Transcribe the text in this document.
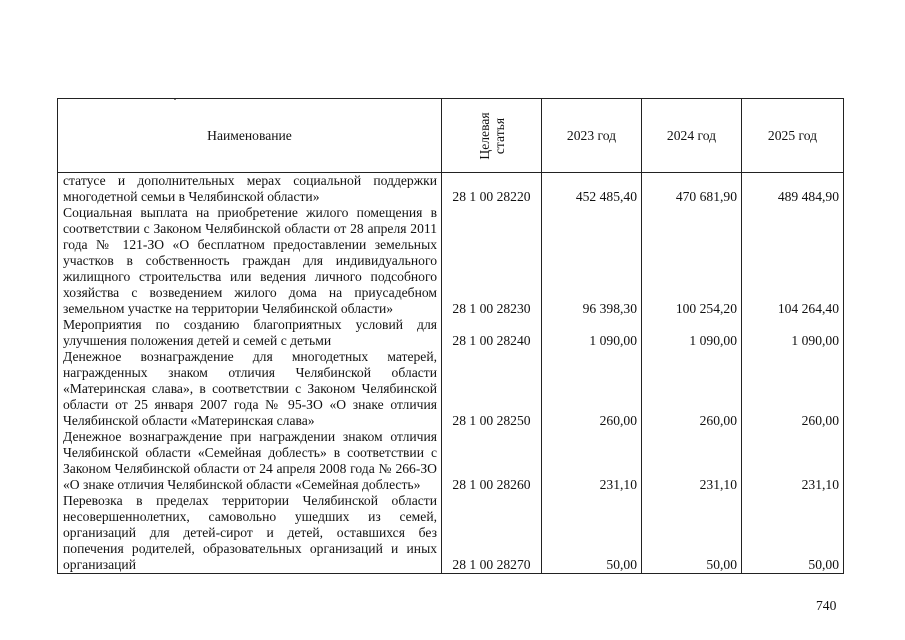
Наименование	Целевая статья	2023 год	2024 год	2025 год
статусе и дополнительных мерах социальной поддержки многодетной семьи в Челябинской области»	28 1 00 28220	452 485,40	470 681,90	489 484,90
Социальная выплата на приобретение жилого помещения в соответствии с Законом Челябинской области от 28 апреля 2011 года № 121-ЗО «О бесплатном предоставлении земельных участков в собственность граждан для индивидуального жилищного строительства или ведения личного подсобного хозяйства с возведением жилого дома на приусадебном земельном участке на территории Челябинской области»	28 1 00 28230	96 398,30	100 254,20	104 264,40
Мероприятия по созданию благоприятных условий для улучшения положения детей и семей с детьми	28 1 00 28240	1 090,00	1 090,00	1 090,00
Денежное вознаграждение для многодетных матерей, награжденных знаком отличия Челябинской области «Материнская слава», в соответствии с Законом Челябинской области от 25 января 2007 года № 95-ЗО «О знаке отличия Челябинской области «Материнская слава»	28 1 00 28250	260,00	260,00	260,00
Денежное вознаграждение при награждении знаком отличия Челябинской области «Семейная доблесть» в соответствии с Законом Челябинской области от 24 апреля 2008 года № 266-ЗО «О знаке отличия Челябинской области «Семейная доблесть»	28 1 00 28260	231,10	231,10	231,10
Перевозка в пределах территории Челябинской области несовершеннолетних, самовольно ушедших из семей, организаций для детей-сирот и детей, оставшихся без попечения родителей, образовательных организаций и иных организаций	28 1 00 28270	50,00	50,00	50,00
740
